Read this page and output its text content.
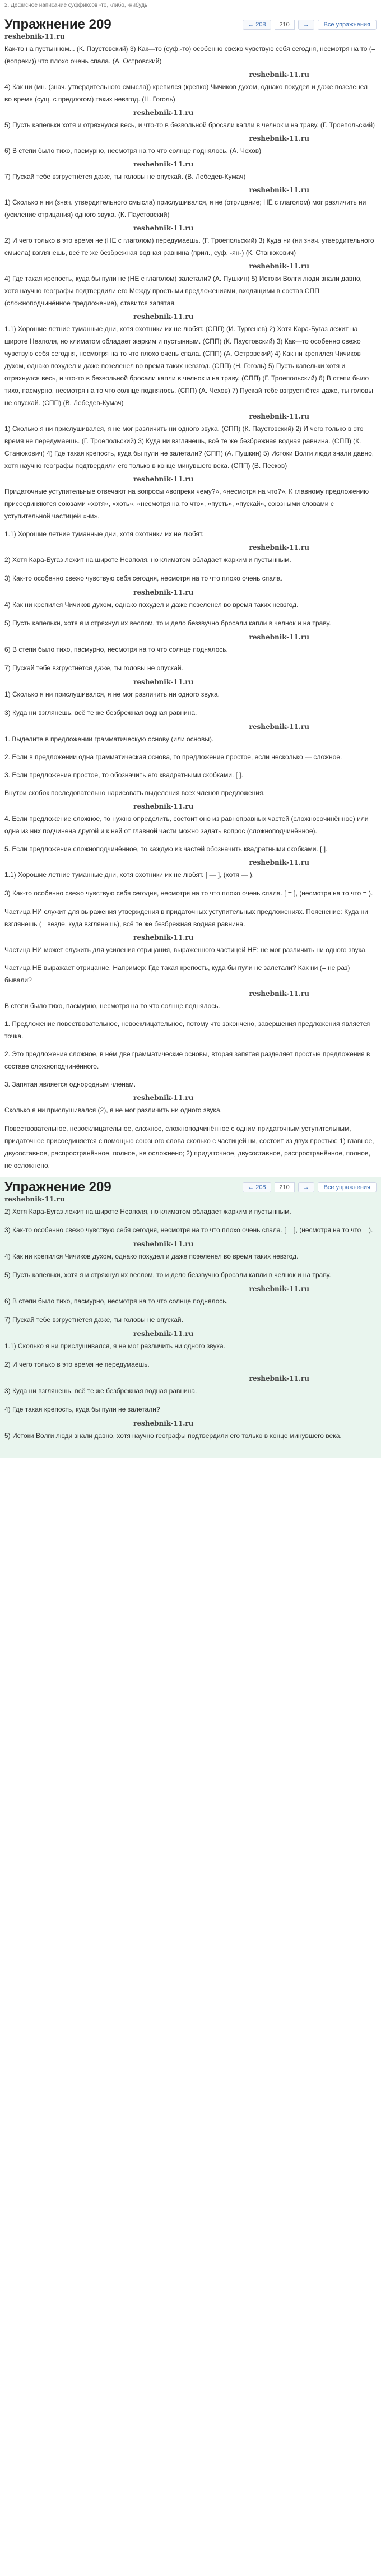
2. Дефисное написание суффиксов -то, -либо, -нибудь
Упражнение 209	← 208	210	→	Все упражнения
reshebnik-11.ru

Как-то на пустынном... (К. Паустовский) 3) Как—то (суф.-то) особенно свежо чувствую себя сегодня, несмотря на то (= (вопреки)) что плохо очень спала. (А. Островский)

reshebnik-11.ru

4) Как ни (мн. (знач. утвердительного смысла)) крепился (крепко) Чичиков духом, однако похудел и даже позеленел во время (сущ. с предлогом) таких невзгод. (Н. Гоголь)

reshebnik-11.ru

5) Пусть капельки хотя и отряхнулся весь, и что-то в безвольной бросали капли в челнок и на траву. (Г. Троепольский)

reshebnik-11.ru

6) В степи было тихо, пасмурно, несмотря на то что солнце поднялось. (А. Чехов)

reshebnik-11.ru

7) Пускай тебе взгрустнётся даже, ты головы не опускай. (В. Лебедев-Кумач)

reshebnik-11.ru

1) Сколько я ни (знач. утвердительного смысла) прислушивался, я не (отрицание; НЕ с глаголом) мог различить ни (усиление отрицания) одного звука. (К. Паустовский)

reshebnik-11.ru

2) И чего только в это время не (НЕ с глаголом) передумаешь. (Г. Троепольский) 3) Куда ни (ни знач. утвердительного смысла) взглянешь, всё те же безбрежная водная равнина (прил., суф. -ян-) (К. Станюкович)

reshebnik-11.ru

4) Где такая крепость, куда бы пули не (НЕ с глаголом) залетали? (А. Пушкин) 5) Истоки Волги люди знали давно, хотя научно географы подтвердили его Между простыми предложениями, входящими в состав СПП (сложноподчинённое предложение), ставится запятая.

reshebnik-11.ru

1.1) Хорошие летние туманные дни, хотя охотники их не любят. (СПП) (И. Тургенев) 2) Хотя Кара-Бугаз лежит на широте Неаполя, но климатом обладает жарким и пустынным. (СПП) (К. Паустовский) 3) Как—то особенно свежо чувствую себя сегодня, несмотря на то что плохо очень спала. (СПП) (А. Островский) 4) Как ни крепился Чичиков духом, однако похудел и даже позеленел во время таких невзгод. (СПП) (Н. Гоголь) 5) Пусть капельки хотя и отряхнулся весь, и что-то в безвольной бросали капли в челнок и на траву. (СПП) (Г. Троепольский) 6) В степи было тихо, пасмурно, несмотря на то что солнце поднялось. (СПП) (А. Чехов) 7) Пускай тебе взгрустнётся даже, ты головы не опускай. (СПП) (В. Лебедев-Кумач)

reshebnik-11.ru

1) Сколько я ни прислушивался, я не мог различить ни одного звука. (СПП) (К. Паустовский) 2) И чего только в это время не передумаешь. (Г. Троепольский) 3) Куда ни взглянешь, всё те же безбрежная водная равнина. (СПП) (К. Станюкович) 4) Где такая крепость, куда бы пули не залетали? (СПП) (А. Пушкин) 5) Истоки Волги люди знали давно, хотя научно географы подтвердили его только в конце минувшего века. (СПП) (В. Песков)

reshebnik-11.ru

Придаточные уступительные отвечают на вопросы «вопреки чему?», «несмотря на что?». К главному предложению присоединяются союзами «хотя», «хоть», «несмотря на то что», «пусть», «пускай», союзными словами с уступительной частицей «ни».

1.1) Хорошие летние туманные дни, хотя охотники их не любят.

reshebnik-11.ru

2) Хотя Кара-Бугаз лежит на широте Неаполя, но климатом обладает жарким и пустынным.

3) Как-то особенно свежо чувствую себя сегодня, несмотря на то что плохо очень спала.

reshebnik-11.ru

4) Как ни крепился Чичиков духом, однако похудел и даже позеленел во время таких невзгод.

5) Пусть капельки, хотя я и отряхнул их веслом, то и дело беззвучно бросали капли в челнок и на траву.

reshebnik-11.ru

6) В степи было тихо, пасмурно, несмотря на то что солнце поднялось.

7) Пускай тебе взгрустнётся даже, ты головы не опускай.

reshebnik-11.ru

1) Сколько я ни прислушивался, я не мог различить ни одного звука.

3) Куда ни взглянешь, всё те же безбрежная водная равнина.

reshebnik-11.ru

1. Выделите в предложении грамматическую основу (или основы).

2. Если в предложении одна грамматическая основа, то предложение простое, если несколько — сложное.

3. Если предложение простое, то обозначить его квадратными скобками. [ ].

Внутри скобок последовательно нарисовать выделения всех членов предложения.

reshebnik-11.ru

4. Если предложение сложное, то нужно определить, состоит оно из равноправных частей (сложносочинённое) или одна из них подчинена другой и к ней от главной части можно задать вопрос (сложноподчинённое).

5. Если предложение сложноподчинённое, то каждую из частей обозначить квадратными скобками. [ ].

reshebnik-11.ru

1.1) Хорошие летние туманные дни, хотя охотники их не любят. [ — ], (хотя — ).

3) Как-то особенно свежо чувствую себя сегодня, несмотря на то что плохо очень спала. [ = ], (несмотря на то что = ).

Частица НИ служит для выражения утверждения в придаточных уступительных предложениях. Пояснение: Куда ни взглянешь (= везде, куда взглянешь), всё те же безбрежная водная равнина.

reshebnik-11.ru

Частица НИ может служить для усиления отрицания, выраженного частицей НЕ: не мог различить ни одного звука.

Частица НЕ выражает отрицание. Например: Где такая крепость, куда бы пули не залетали? Как ни (= не раз) бывали?

reshebnik-11.ru

В степи было тихо, пасмурно, несмотря на то что солнце поднялось.

1. Предложение повествовательное, невосклицательное, потому что закончено, завершения предложения является точка.

2. Это предложение сложное, в нём две грамматические основы, вторая запятая разделяет простые предложения в составе сложноподчинённого.

3. Запятая является однородным членам.

reshebnik-11.ru

Сколько я ни прислушивался (2), я не мог различить ни одного звука.

Повествовательное, невосклицательное, сложное, сложноподчинённое с одним придаточным уступительным, придаточное присоединяется с помощью союзного слова сколько с частицей ни, состоит из двух простых: 1) главное, двусоставное, распространённое, полное, не осложнено; 2) придаточное, двусоставное, распространённое, полное, не осложнено.

Упражнение 209	← 208	210	→	Все упражнения
reshebnik-11.ru

2) Хотя Кара-Бугаз лежит на широте Неаполя, но климатом обладает жарким и пустынным.

3) Как-то особенно свежо чувствую себя сегодня, несмотря на то что плохо очень спала. [ = ], (несмотря на то что = ).

reshebnik-11.ru

4) Как ни крепился Чичиков духом, однако похудел и даже позеленел во время таких невзгод.

5) Пусть капельки, хотя я и отряхнул их веслом, то и дело беззвучно бросали капли в челнок и на траву.

reshebnik-11.ru

6) В степи было тихо, пасмурно, несмотря на то что солнце поднялось.

7) Пускай тебе взгрустнётся даже, ты головы не опускай.

reshebnik-11.ru

1.1) Сколько я ни прислушивался, я не мог различить ни одного звука.

2) И чего только в это время не передумаешь.

reshebnik-11.ru

3) Куда ни взглянешь, всё те же безбрежная водная равнина.

4) Где такая крепость, куда бы пули не залетали?

reshebnik-11.ru

5) Истоки Волги люди знали давно, хотя научно географы подтвердили его только в конце минувшего века.
